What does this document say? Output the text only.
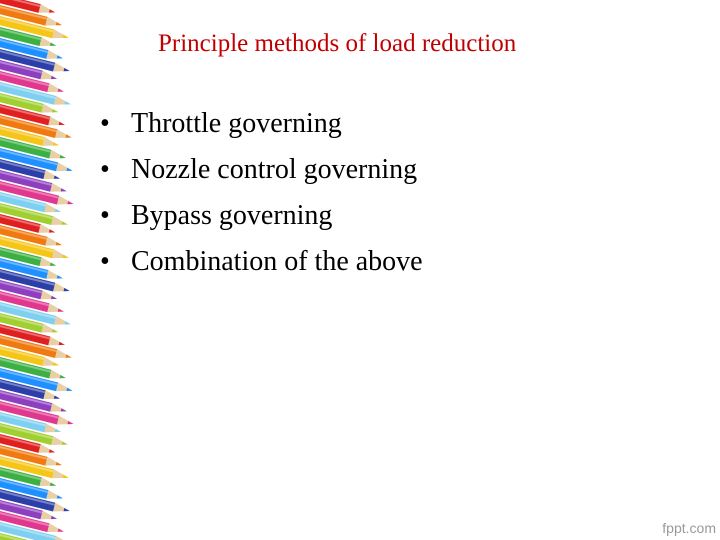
Principle methods of load reduction
• Throttle governing
• Nozzle control governing
• Bypass governing
• Combination of the above
fppt.com
